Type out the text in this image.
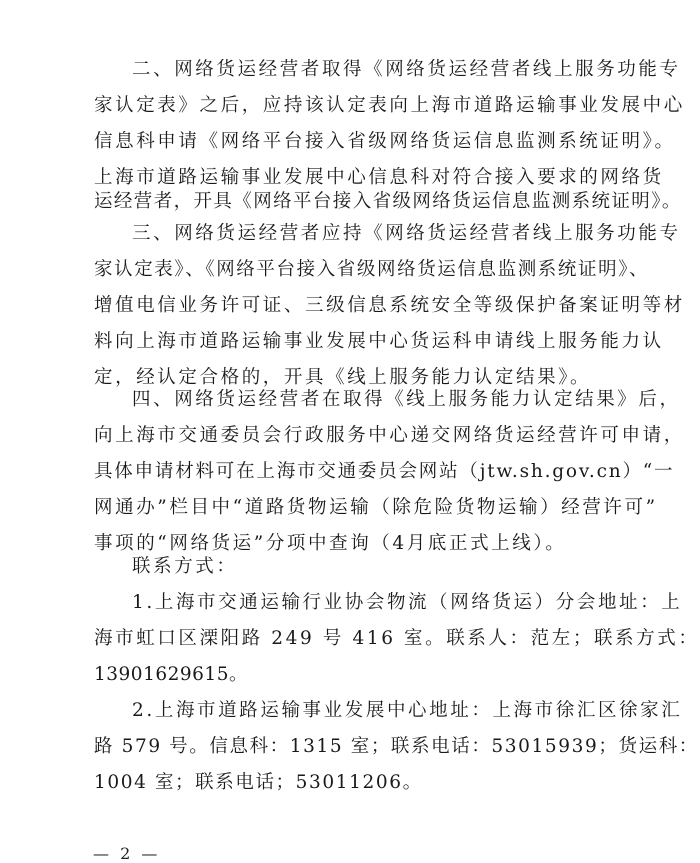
二、网络货运经营者取得《网络货运经营者线上服务功能专
家认定表》之后，应持该认定表向上海市道路运输事业发展中心
信息科申请《网络平台接入省级网络货运信息监测系统证明》。
上海市道路运输事业发展中心信息科对符合接入要求的网络货
运经营者，开具《网络平台接入省级网络货运信息监测系统证明》。
三、网络货运经营者应持《网络货运经营者线上服务功能专
家认定表》、《网络平台接入省级网络货运信息监测系统证明》、
增值电信业务许可证、三级信息系统安全等级保护备案证明等材
料向上海市道路运输事业发展中心货运科申请线上服务能力认
定，经认定合格的，开具《线上服务能力认定结果》。
四、网络货运经营者在取得《线上服务能力认定结果》后，
向上海市交通委员会行政服务中心递交网络货运经营许可申请，
具体申请材料可在上海市交通委员会网站（jtw.sh.gov.cn）“一
网通办”栏目中“道路货物运输（除危险货物运输）经营许可”
事项的“网络货运”分项中查询（4月底正式上线）。
联系方式：
1.上海市交通运输行业协会物流（网络货运）分会地址：上
海市虹口区溧阳路 249 号 416 室。联系人：范左；联系方式：
13901629615。
2.上海市道路运输事业发展中心地址：上海市徐汇区徐家汇
路 579 号。信息科：1315 室；联系电话：53015939；货运科：
1004 室；联系电话；53011206。
— 2 —
